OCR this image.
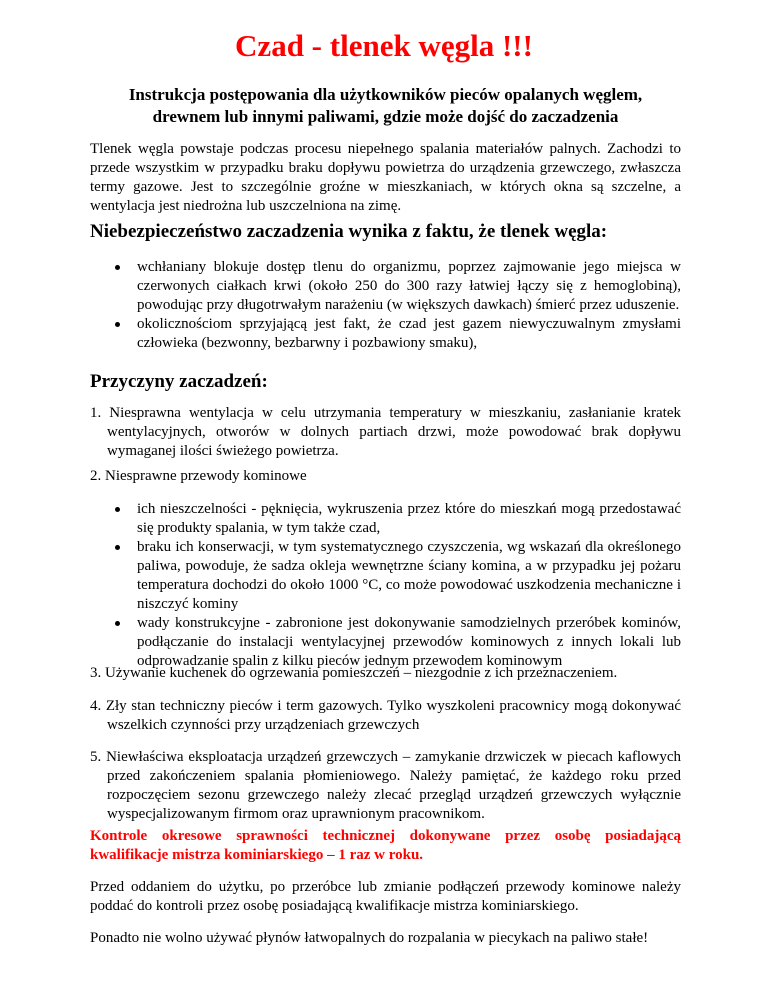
Czad - tlenek węgla !!!
Instrukcja postępowania dla użytkowników pieców opalanych węglem,
drewnem lub innymi paliwami, gdzie może dojść do zaczadzenia
Tlenek węgla powstaje podczas procesu niepełnego spalania materiałów palnych. Zachodzi to przede wszystkim w przypadku braku dopływu powietrza do urządzenia grzewczego, zwłaszcza termy gazowe. Jest to szczególnie groźne w mieszkaniach, w których okna są szczelne, a wentylacja jest niedrożna lub uszczelniona na zimę.
Niebezpieczeństwo zaczadzenia wynika z faktu, że tlenek węgla:
wchłaniany blokuje dostęp tlenu do organizmu, poprzez zajmowanie jego miejsca w czerwonych ciałkach krwi (około 250 do 300 razy łatwiej łączy się z hemoglobiną), powodując przy długotrwałym narażeniu (w większych dawkach) śmierć przez uduszenie.
okolicznościom sprzyjającą jest fakt, że czad jest gazem niewyczuwalnym zmysłami człowieka (bezwonny, bezbarwny i pozbawiony smaku),
Przyczyny zaczadzeń:
1. Niesprawna wentylacja w celu utrzymania temperatury w mieszkaniu, zasłanianie kratek wentylacyjnych, otworów w dolnych partiach drzwi, może powodować brak dopływu wymaganej ilości świeżego powietrza.
2. Niesprawne przewody kominowe
ich nieszczelności - pęknięcia, wykruszenia przez które do mieszkań mogą przedostawać się produkty spalania, w tym także czad,
braku ich konserwacji, w tym systematycznego czyszczenia, wg wskazań dla określonego paliwa, powoduje, że sadza okleja wewnętrzne ściany komina, a w przypadku jej pożaru temperatura dochodzi do około 1000 °C, co może powodować uszkodzenia mechaniczne i niszczyć kominy
wady konstrukcyjne - zabronione jest dokonywanie samodzielnych przeróbek kominów, podłączanie do instalacji wentylacyjnej przewodów kominowych z innych lokali lub odprowadzanie spalin z kilku pieców jednym przewodem kominowym
3. Używanie kuchenek do ogrzewania pomieszczeń – niezgodnie z ich przeznaczeniem.
4. Zły stan techniczny pieców i term gazowych. Tylko wyszkoleni pracownicy mogą dokonywać wszelkich czynności przy urządzeniach grzewczych
5. Niewłaściwa eksploatacja urządzeń grzewczych – zamykanie drzwiczek w piecach kaflowych przed zakończeniem spalania płomieniowego. Należy pamiętać, że każdego roku przed rozpoczęciem sezonu grzewczego należy zlecać przegląd urządzeń grzewczych wyłącznie wyspecjalizowanym firmom oraz uprawnionym pracownikom.
Kontrole okresowe sprawności technicznej dokonywane przez osobę posiadającą kwalifikacje mistrza kominiarskiego – 1 raz w roku.
Przed oddaniem do użytku, po przeróbce lub zmianie podłączeń przewody kominowe należy poddać do kontroli przez osobę posiadającą kwalifikacje mistrza kominiarskiego.
Ponadto nie wolno używać płynów łatwopalnych do rozpalania w piecykach na paliwo stałe!
